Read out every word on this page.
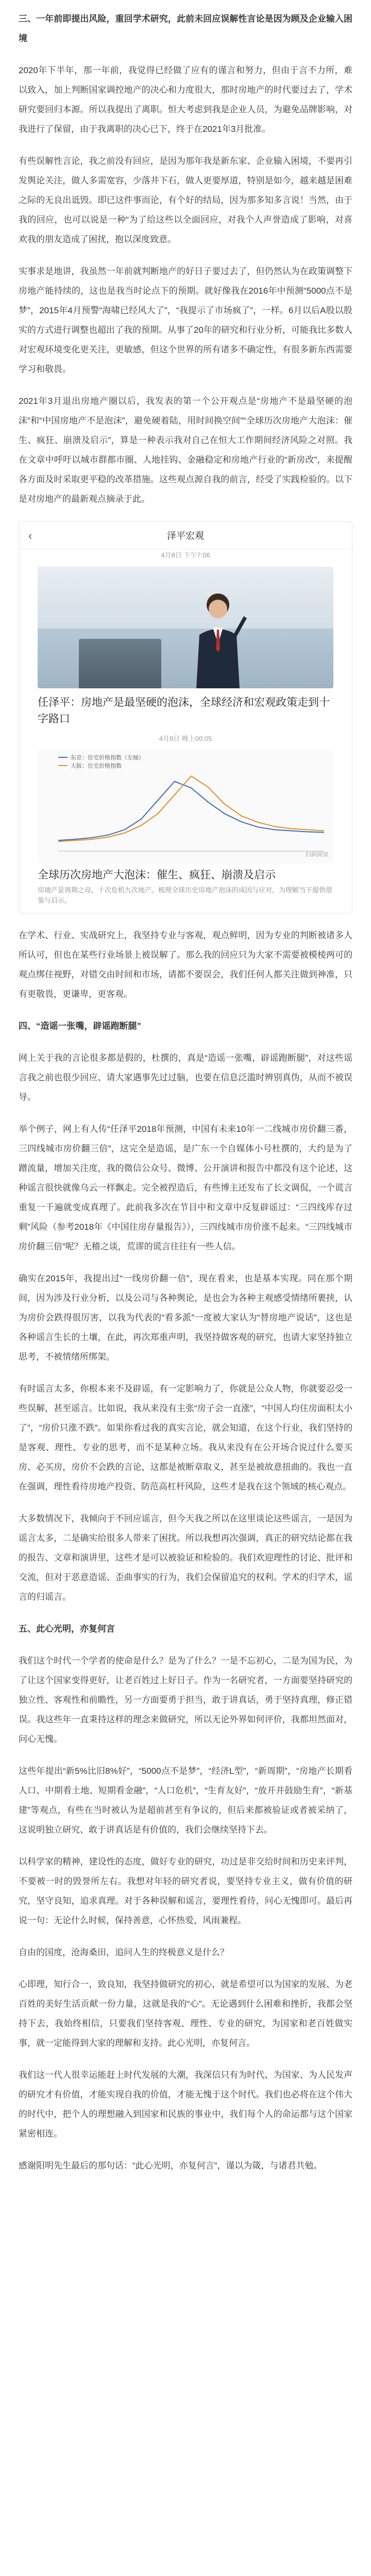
三、一年前即提出风险，重回学术研究，此前未回应误解性言论是因为顾及企业输入困境

2020年下半年，那一年前，我觉得已经做了应有的谨言和努力，但由于言不力所，难以致入，加上判断国家调控地产的决心和力度很大，那时房地产的时代要过去了，学术研究要回归本源。所以我提出了离职。恒大考虑到我是企业人员，为避免品牌影响，对我进行了保留，由于我离职的决心已下，终于在2021年3月批准。

有些误解性言论，我之前没有回应，是因为那年我是新东家、企业输入困境，不要再引发舆论关注，做人多需宽容，少落井下石，做人更要厚道，特别是如今，越来越是困难之际的无良出诋毁。即已这件事而论，有个好的结局，因为那多知多言说！当然，由于我的回应，也可以说是一种“为了给这些以全面回应，对我个人声誉造成了影响，对喜欢我的朋友造成了困扰，抱以深度致意。

实事求是地讲，我虽然一年前就判断地产的好日子要过去了，但仍然认为在政策调整下房地产能持续的，这也是我当时论点下的预期。就好像我在2016年中预测“5000点不是梦”，2015年4月预警“海啸已经风大了”，“我提示了市场疯了”，一样。6月以后A股以股实的方式进行调整也超出了我的预期。从事了20年的研究和行业分析，可能我比多数人对宏观环境变化更关注，更敏感，但这个世界的所有诸多不确定性，有很多新东西需要学习和敬畏。

2021年3月退出房地产圈以后，我发表的第一个公开观点是“房地产不是最坚硬的泡沫”和“中国房地产不是泡沫”，避免硬着陆，用时间换空间”“全球历次房地产大泡沫：催生、疯狂、崩溃及启示”，算是一种表示我对自己在恒大工作期间经济风险之对照。我在文章中呼吁以城市群都市圈、人地挂钩、金融稳定和房地产行业的“新房改”，来提醒各方面及时采取更平稳的改革措施。这些观点源自我的前言，经受了实践检验的。以下是对房地产的最新观点摘录于此。

‹	泽平宏观
4月8日 下午7:06
任泽平：房地产是最坚硬的泡沫，全球经济和宏观政策走到十字路口
4月9日 晚上00:05
东京：住宅价格指数（左轴）
大阪：住宅价格指数
扫码阅读
全球历次房地产大泡沫：催生、疯狂、崩溃及启示
房地产是周期之母，十次危机九次地产。梳理全球历史房地产泡沫的成因与应对，为理解当下提供借鉴与启示。

在学术、行业、实战研究上，我坚持专业与客观，观点鲜明，因为专业的判断被诸多人所认可，但也在某些行业场景上被误解了。那么我的回应只为大家不需要被模棱两可的观点绑住视野，对错交由时间和市场，请都不要误会，我们任何人都关注做到神准，只有更敬畏，更谦卑，更客观。

四、“造谣一张嘴，辟谣跑断腿”

网上关于我的言论很多都是假的，杜撰的，真是“造谣一张嘴，辟谣跑断腿”，对这些谣言我之前也很少回应、请大家遇事先过过脑，也要在信息泛滥时辨别真伪，从而不被误导。

举个例子，网上有人传“任泽平2018年预测，中国有未来10年一二线城市房价翻三番，三四线城市房价翻三倍”，这完全是造谣，是广东一个自媒体小号杜撰的，大约是为了蹭流量，增加关注度，我的微信公众号、微博、公开演讲和报告中都没有这个论述，这种谣言很快就像乌云一样飘走。完全被捏造后，有些博主还发布了长文调侃，一个谎言重复一千遍就变成真理了。此前我多次在节目中和文章中反复辟谣过：“三四线库存过剩”风险（参考2018年《中国住房存量报告》），三四线城市房价涨不起来。“三四线城市房价翻三倍”呢？无稽之谈，荒谬的谎言往往有一些人信。

确实在2015年，我提出过“一线房价翻一倍”，现在看来，也是基本实现。同在那个期间，因为涉及行业分析，以及公司与各种舆论，是也会为各种主观感受情绪所裹挟，认为房价会跌得很厉害，以我为代表的“看多派”一度被大家认为“替房地产说话”，这也是各种谣言生长的土壤，在此，再次郑重声明，我坚持做客观的研究，也请大家坚持独立思考，不被情绪所绑架。

有时谣言太多，你根本来不及辟谣，有一定影响力了，你就是公众人物，你就要忍受一些误解，甚至谣言。比如说，我从来没有主张“房子会一直涨”，“中国人均住房面积太小了”，“房价只涨不跌”。如果你看过我的真实言论，就会知道，在这个行业，我们坚持的是客观、理性、专业的思考，而不是某种立场。我从来没有在公开场合说过什么要买房、必买房，房价不会跌的言论，这都是被断章取义，甚至是被故意扭曲的。我也一直在强调，理性看待房地产投资、防范高杠杆风险，这些才是我在这个领域的核心观点。

大多数情况下，我倾向于不回应谣言，但今天我之所以在这里谈论这些谣言，一是因为谣言太多，二是确实给很多人带来了困扰。所以我想再次强调，真正的研究结论都在我的报告、文章和演讲里，这些才是可以被验证和检验的。我们欢迎理性的讨论、批评和交流，但对于恶意造谣、歪曲事实的行为，我们会保留追究的权利。学术的归学术，谣言的归谣言。

五、此心光明，亦复何言

我们这个时代一个学者的使命是什么？是为了什么？一是不忘初心，二是为国为民，为了让这个国家变得更好，让老百姓过上好日子。作为一名研究者，一方面要坚持研究的独立性、客观性和前瞻性，另一方面要勇于担当，敢于讲真话，勇于坚持真理，修正错误。我这些年一直秉持这样的理念来做研究，所以无论外界如何评价，我都坦然面对，问心无愧。

这些年提出“新5%比旧8%好”，“5000点不是梦”，“经济L型”，“新周期”，“房地产长期看人口、中期看土地、短期看金融”，“人口危机”，“生育友好”，“放开并鼓励生育”，“新基建”等观点，有些在当时被认为是超前甚至有争议的，但后来都被验证或者被采纳了，这说明独立研究、敢于讲真话是有价值的，我们会继续坚持下去。

以科学家的精神，建设性的态度，做好专业的研究，功过是非交给时间和历史来评判，不要被一时的毁誉所左右。我想对年轻的研究者说，要坚持专业主义，做有价值的研究，坚守良知，追求真理。对于各种误解和谣言，要理性看待，问心无愧即可。最后再说一句：无论什么时候，保持善意，心怀热爱，风雨兼程。

自由的国度，沧海桑田，追问人生的终极意义是什么？

心即理，知行合一，致良知，我坚持做研究的初心，就是希望可以为国家的发展、为老百姓的美好生活贡献一份力量，这就是我的“心”。无论遇到什么困难和挫折，我都会坚持下去，我始终相信，只要我们坚持客观、理性、专业的研究，为国家和老百姓做实事，就一定能得到大家的理解和支持。此心光明，亦复何言。

我们这一代人很幸运能赶上时代发展的大潮，我深信只有为时代、为国家、为人民发声的研究才有价值，才能实现自我的价值，才能无愧于这个时代。我们也必将在这个伟大的时代中，把个人的理想融入到国家和民族的事业中，我们每个人的命运都与这个国家紧密相连。

感谢阳明先生最后的那句话：“此心光明，亦复何言”，谨以为箴，与诸君共勉。
